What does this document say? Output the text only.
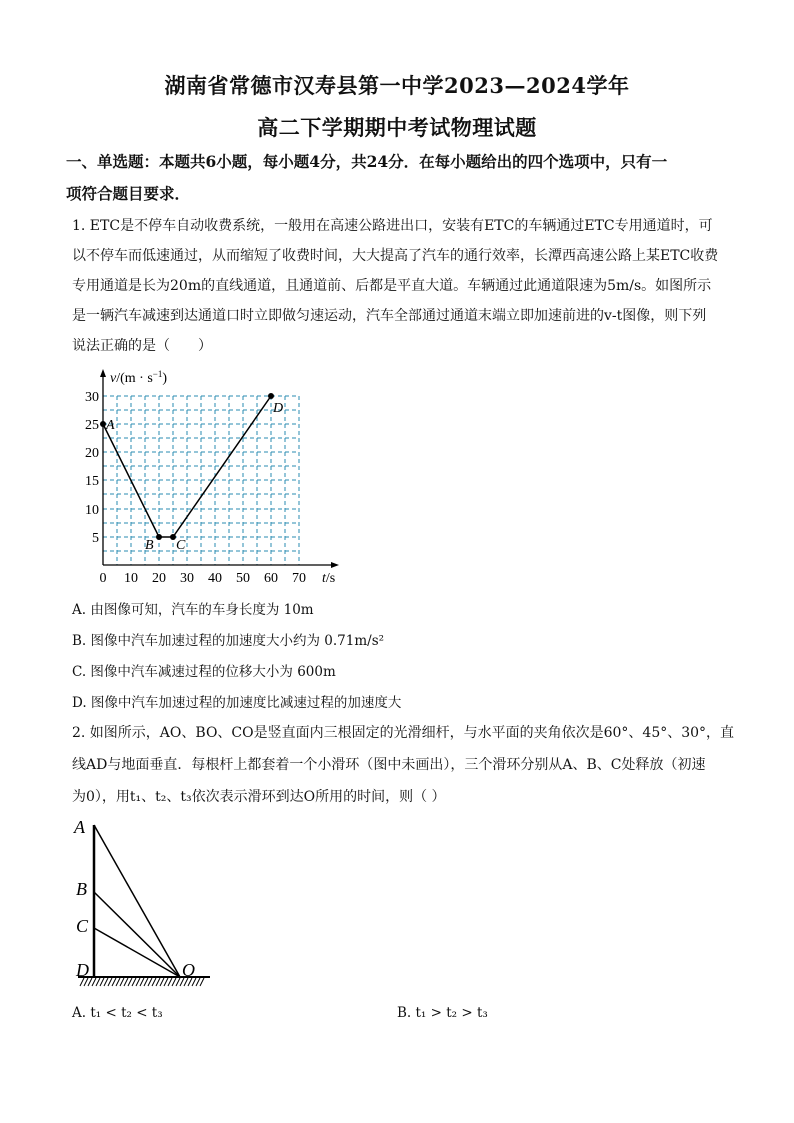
湖南省常德市汉寿县第一中学2023—2024学年
高二下学期期中考试物理试题
一、单选题：本题共6小题，每小题4分，共24分．在每小题给出的四个选项中，只有一
项符合题目要求．
1. ETC是不停车自动收费系统，一般用在高速公路进出口，安装有ETC的车辆通过ETC专用通道时，可
以不停车而低速通过，从而缩短了收费时间，大大提高了汽车的通行效率，长潭西高速公路上某ETC收费
专用通道是长为20m的直线通道，且通道前、后都是平直大道。车辆通过此通道限速为5m/s。如图所示
是一辆汽车减速到达通道口时立即做匀速运动，汽车全部通过通道末端立即加速前进的v-t图像，则下列
说法正确的是（　　）
$v/(m \cdot s^{-1})$
t/s
30
25
20
15
10
5
0 10 20 30 40 50 60 70
A
B C
D
A. 由图像可知，汽车的车身长度为 10m
B. 图像中汽车加速过程的加速度大小约为 0.71m/s²
C. 图像中汽车减速过程的位移大小为 600m
D. 图像中汽车加速过程的加速度比减速过程的加速度大
2. 如图所示，AO、BO、CO是竖直面内三根固定的光滑细杆，与水平面的夹角依次是60°、45°、30°，直
线AD与地面垂直．每根杆上都套着一个小滑环（图中未画出），三个滑环分别从A、B、C处释放（初速
为0），用t₁、t₂、t₃依次表示滑环到达O所用的时间，则（ ）
A
B
C
D	O
A. t₁ < t₂ < t₃	B. t₁ > t₂ > t₃
